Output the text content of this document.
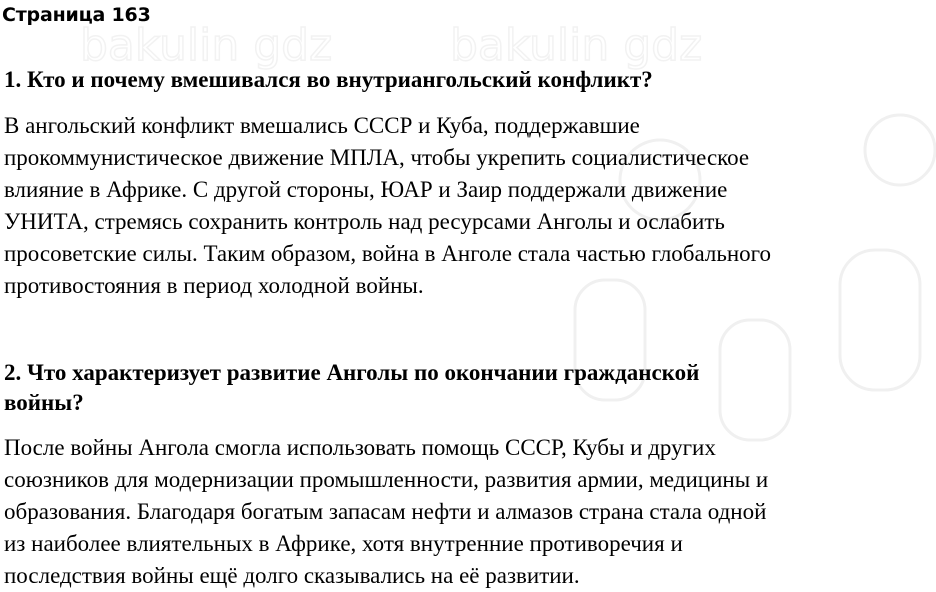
bakulin gdz	bakulin gdz
Страница 163
1. Кто и почему вмешивался во внутриангольский конфликт?
В ангольский конфликт вмешались СССР и Куба, поддержавшие
прокоммунистическое движение МПЛА, чтобы укрепить социалистическое
влияние в Африке. С другой стороны, ЮАР и Заир поддержали движение
УНИТА, стремясь сохранить контроль над ресурсами Анголы и ослабить
просоветские силы. Таким образом, война в Анголе стала частью глобального
противостояния в период холодной войны.
2. Что характеризует развитие Анголы по окончании гражданской
войны?
После войны Ангола смогла использовать помощь СССР, Кубы и других
союзников для модернизации промышленности, развития армии, медицины и
образования. Благодаря богатым запасам нефти и алмазов страна стала одной
из наиболее влиятельных в Африке, хотя внутренние противоречия и
последствия войны ещё долго сказывались на её развитии.
